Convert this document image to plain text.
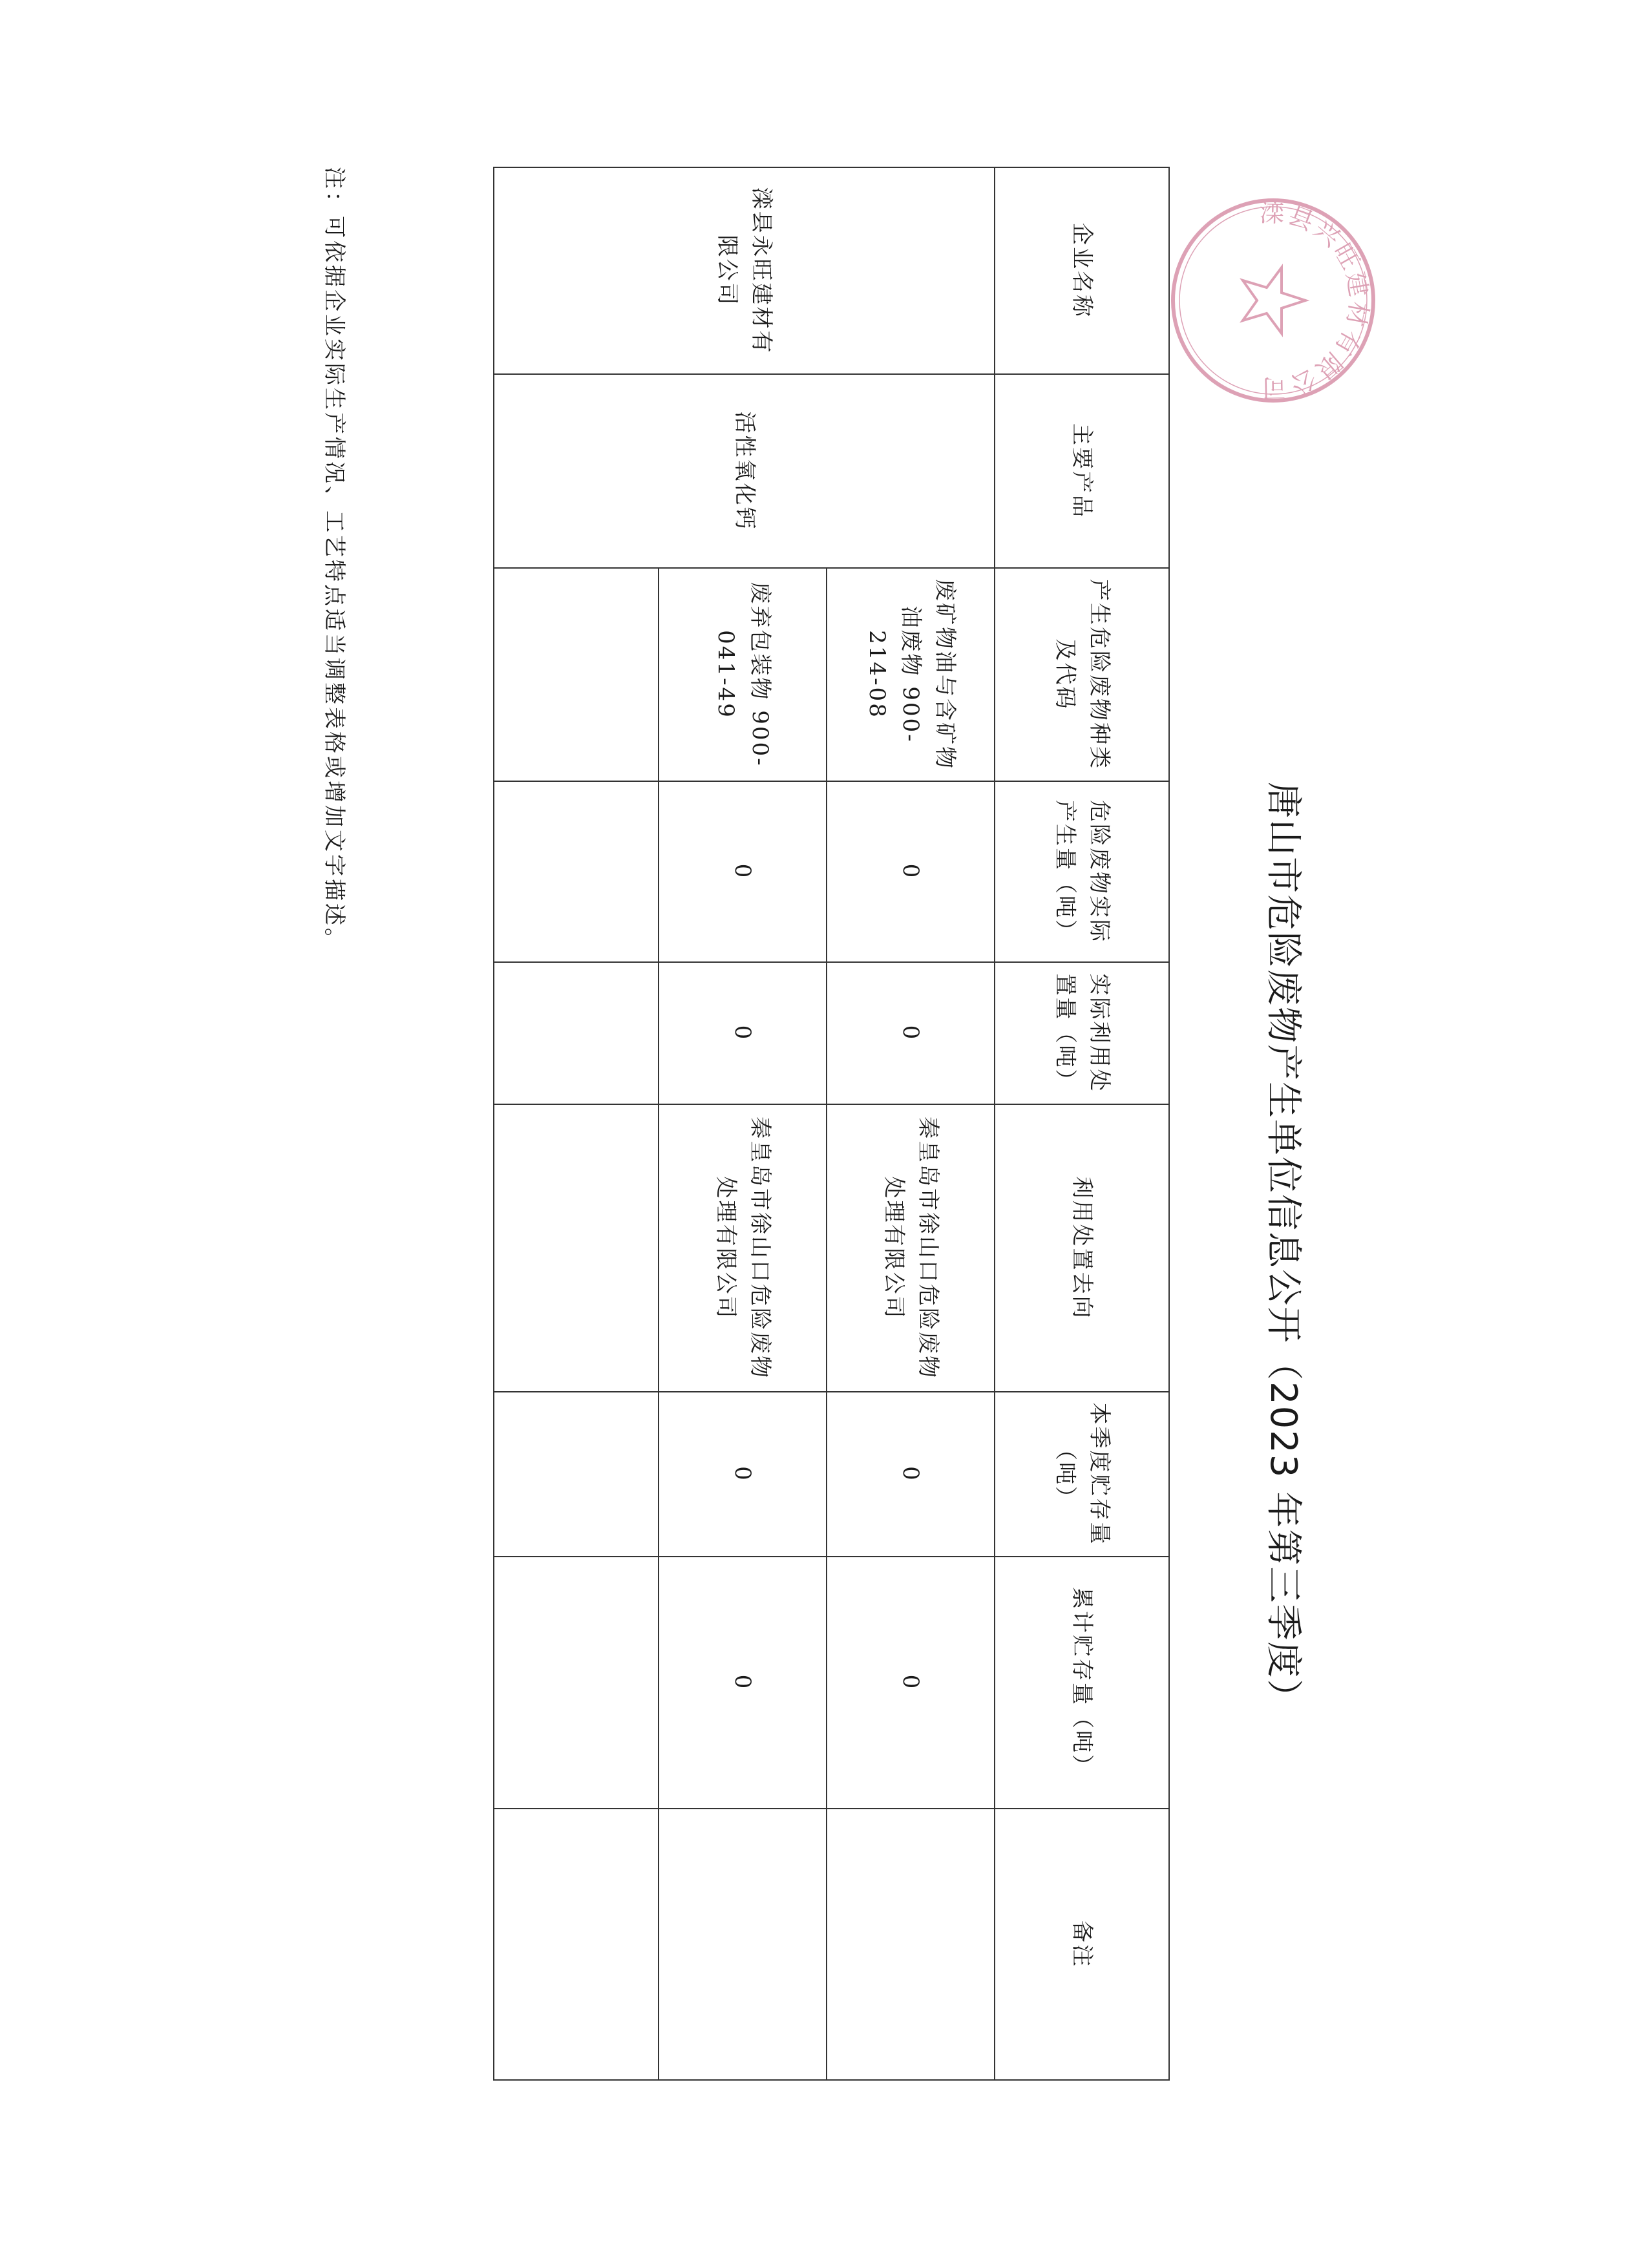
唐山市危险废物产生单位信息公开（2023 年第三季度）
企业名称	主要产品	产生危险废物种类及代码	危险废物实际产生量（吨）	实际利用处置量（吨）	利用处置去向	本季度贮存量（吨）	累计贮存量（吨）	备注
滦县永旺建材有限公司	活性氧化钙	废矿物油与含矿物油废物 900-214-08	0	0	秦皇岛市徐山口危险废物处理有限公司	0	0	
		废弃包装物 900-041-49	0	0	秦皇岛市徐山口危险废物处理有限公司	0	0	

注：可依据企业实际生产情况、工艺特点适当调整表格或增加文字描述。	滦县兴旺建材有限公司
